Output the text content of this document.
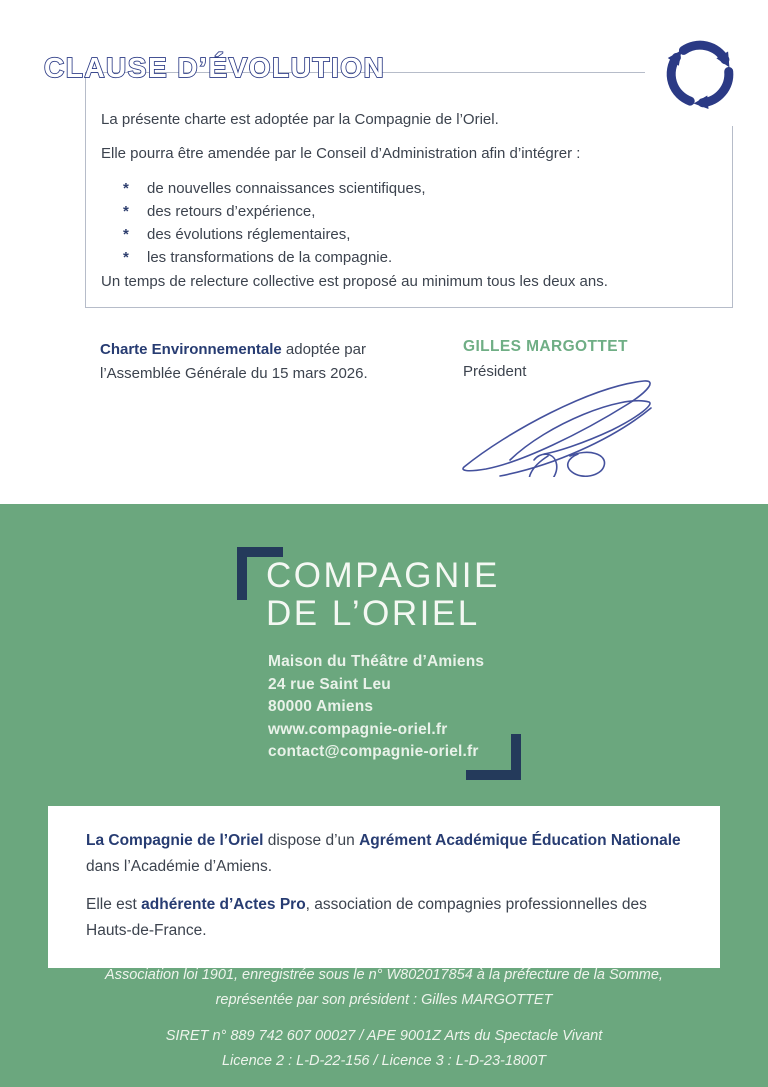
La présente charte est adoptée par la Compagnie de l’Oriel.

Elle pourra être amendée par le Conseil d’Administration afin d’intégrer :

*	de nouvelles connaissances scientifiques,
*	des retours d’expérience,
*	des évolutions réglementaires,
*	les transformations de la compagnie.

Un temps de relecture collective est proposé au minimum tous les deux ans.

CLAUSE D’ÉVOLUTION
Charte Environnementale adoptée par l’Assemblée Générale du 15 mars 2026.
GILLES MARGOTTET
Président
COMPAGNIE
DE L’ORIEL
Maison du Théâtre d’Amiens
24 rue Saint Leu
80000 Amiens
www.compagnie-oriel.fr
contact@compagnie-oriel.fr

La Compagnie de l’Oriel dispose d’un Agrément Académique Éducation Nationale dans l’Académie d’Amiens.

Elle est adhérente d’Actes Pro, association de compagnies professionnelles des Hauts-de-France.

Association loi 1901, enregistrée sous le n° W802017854 à la préfecture de la Somme,
représentée par son président : Gilles MARGOTTET
SIRET n° 889 742 607 00027 / APE 9001Z Arts du Spectacle Vivant
Licence 2 : L-D-22-156 / Licence 3 : L-D-23-1800T
